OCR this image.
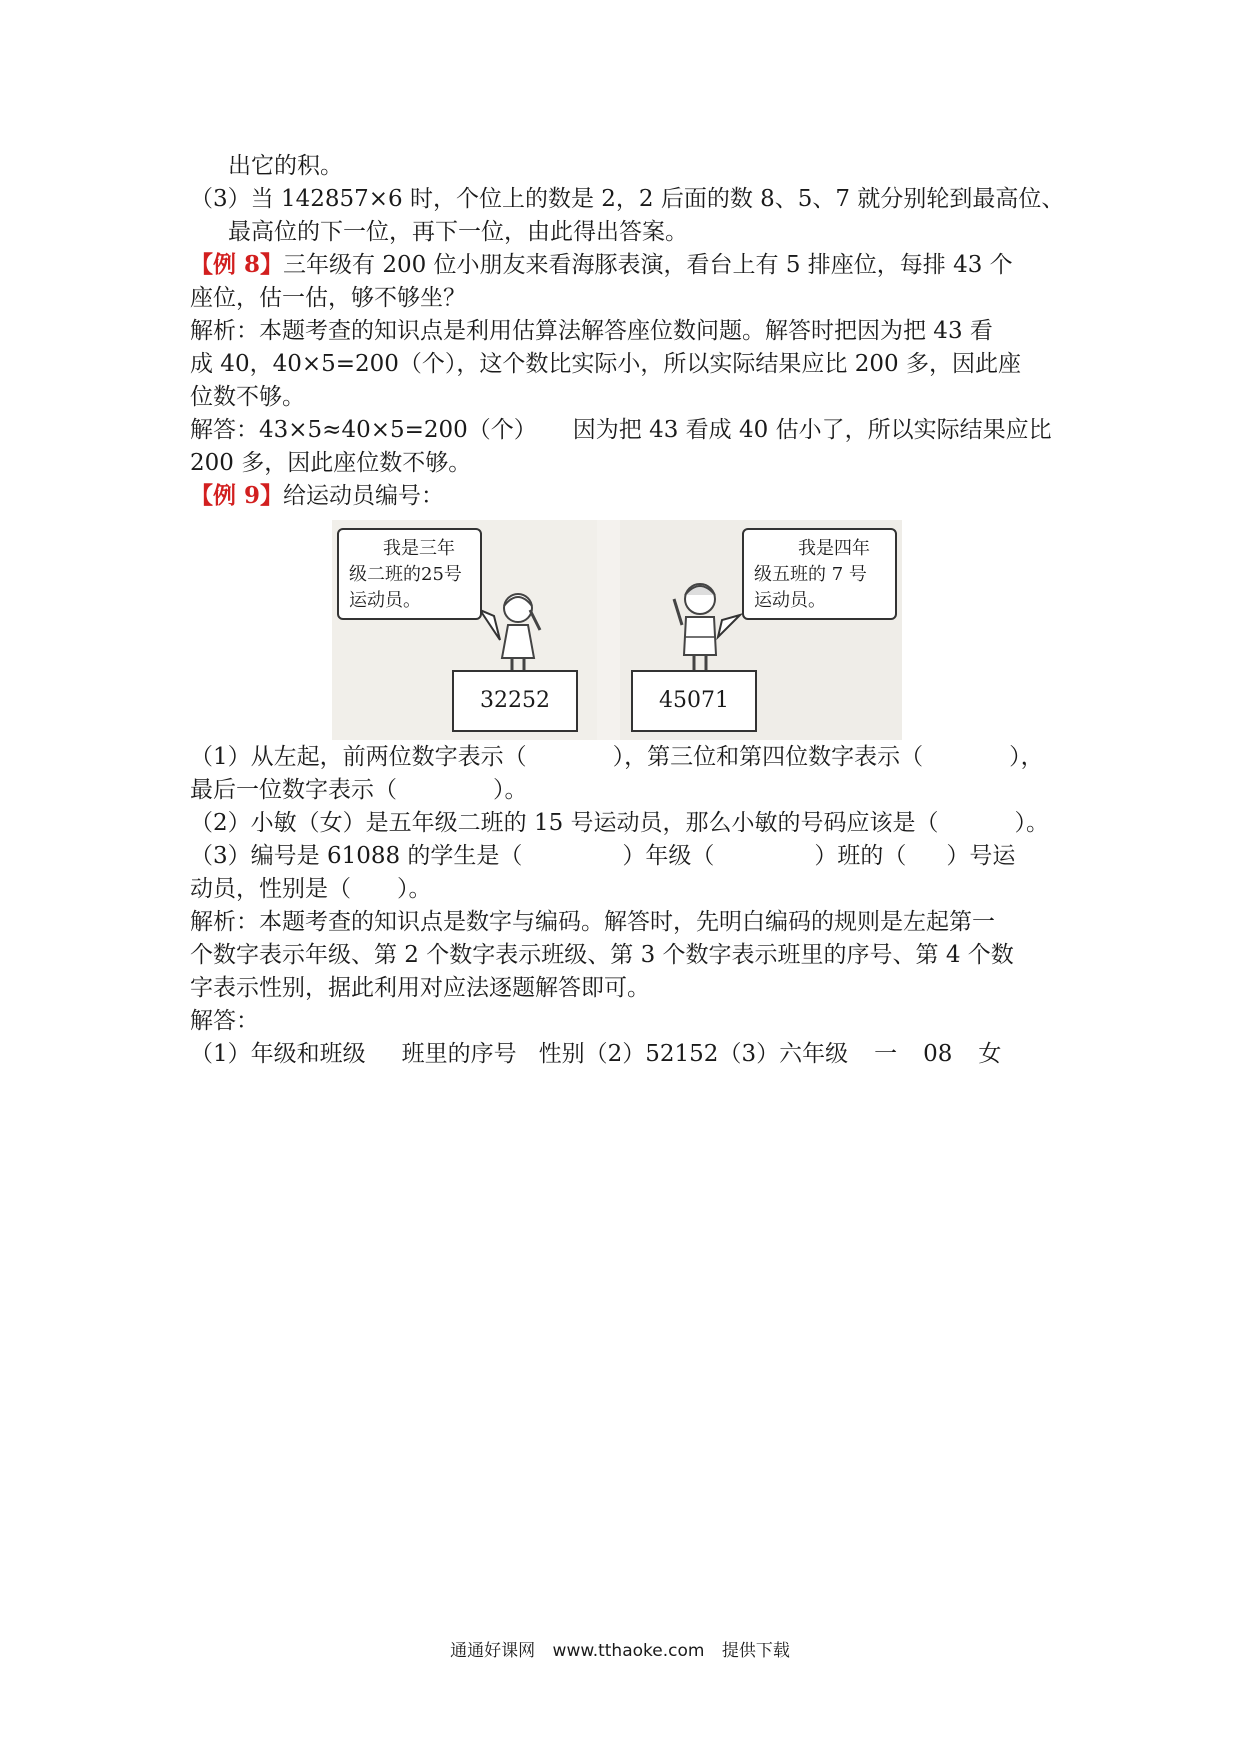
出它的积。
（3）当 142857×6 时，个位上的数是 2，2 后面的数 8、5、7 就分别轮到最高位、
最高位的下一位，再下一位，由此得出答案。
【例 8】三年级有 200 位小朋友来看海豚表演，看台上有 5 排座位，每排 43 个
座位，估一估，够不够坐？
解析：本题考查的知识点是利用估算法解答座位数问题。解答时把因为把 43 看
成 40，40×5=200（个），这个数比实际小，所以实际结果应比 200 多，因此座
位数不够。
解答：43×5≈40×5=200（个） 因为把 43 看成 40 估小了，所以实际结果应比
200 多，因此座位数不够。
【例 9】给运动员编号：
我是三年
级二班的25号
运动员。
32252
我是四年
级五班的 7 号
运动员。
45071
（1）从左起，前两位数字表示（	），第三位和第四位数字表示（	），
最后一位数字表示（	）。
（2）小敏（女）是五年级二班的 15 号运动员，那么小敏的号码应该是（	）。
（3）编号是 61088 的学生是（	）年级（	）班的（ ）号运
动员，性别是（ ）。
解析：本题考查的知识点是数字与编码。解答时，先明白编码的规则是左起第一
个数字表示年级、第 2 个数字表示班级、第 3 个数字表示班里的序号、第 4 个数
字表示性别，据此利用对应法逐题解答即可。
解答：
（1）年级和班级 班里的序号 性别（2）52152（3）六年级 一 08 女
通通好课网 www.tthaoke.com 提供下载
